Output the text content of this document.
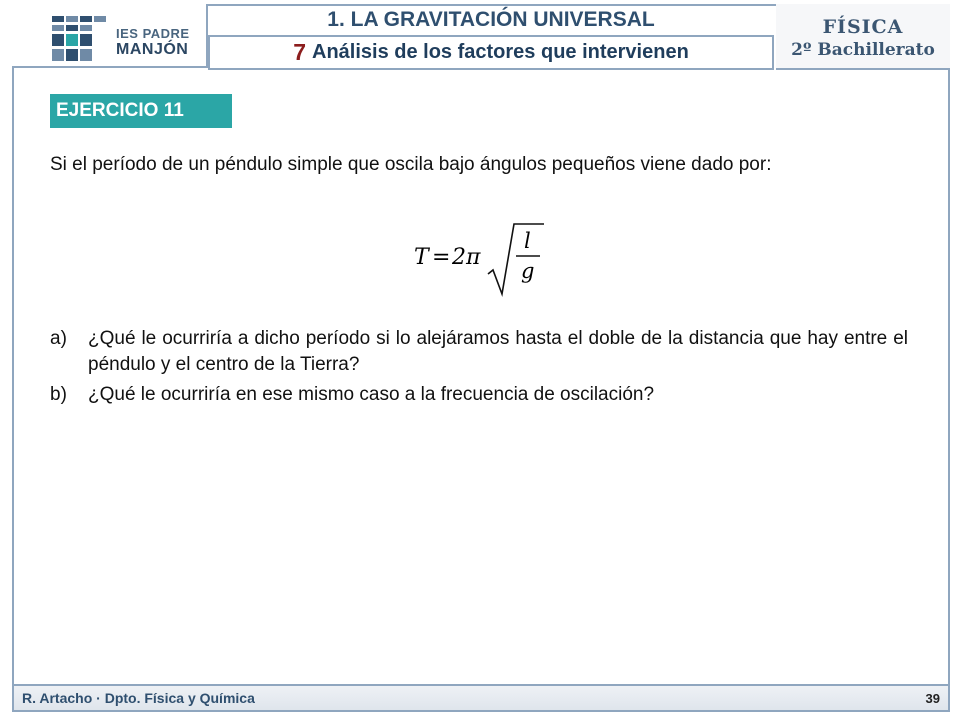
IES PADRE
MANJÓN
1. LA GRAVITACIÓN UNIVERSAL
7 Análisis de los factores que intervienen
FÍSICA
2º Bachillerato
EJERCICIO 11
Si el período de un péndulo simple que oscila bajo ángulos pequeños viene dado por:
T = 2π
l
g
a)	¿Qué le ocurriría a dicho período si lo alejáramos hasta el doble de la distancia que hay entre el péndulo y el centro de la Tierra?
b)	¿Qué le ocurriría en ese mismo caso a la frecuencia de oscilación?
R. Artacho · Dpto. Física y Química	39
